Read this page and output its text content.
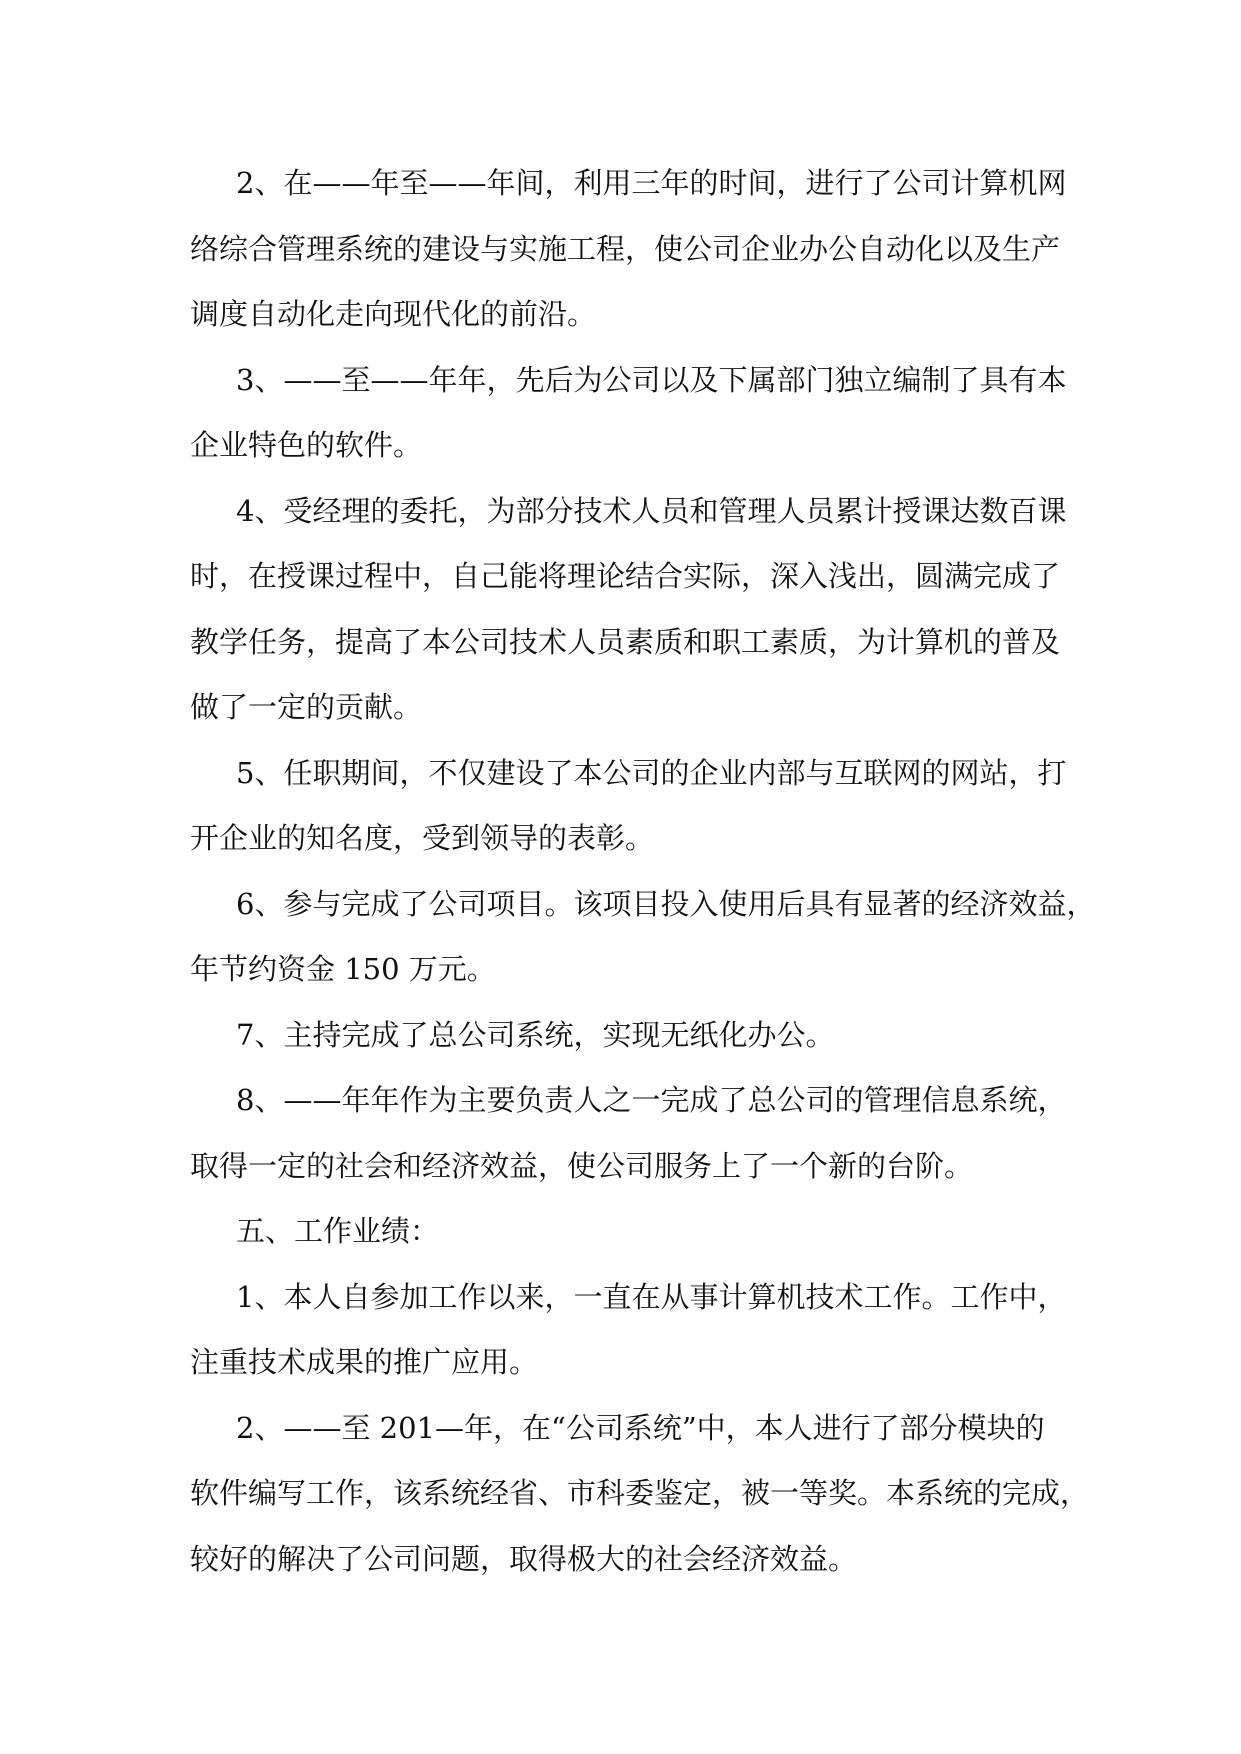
2、在——年至——年间，利用三年的时间，进行了公司计算机网
络综合管理系统的建设与实施工程，使公司企业办公自动化以及生产
调度自动化走向现代化的前沿。
3、——至——年年，先后为公司以及下属部门独立编制了具有本
企业特色的软件。
4、受经理的委托，为部分技术人员和管理人员累计授课达数百课
时，在授课过程中，自己能将理论结合实际，深入浅出，圆满完成了
教学任务，提高了本公司技术人员素质和职工素质，为计算机的普及
做了一定的贡献。
5、任职期间，不仅建设了本公司的企业内部与互联网的网站，打
开企业的知名度，受到领导的表彰。
6、参与完成了公司项目。该项目投入使用后具有显著的经济效益，
年节约资金 150 万元。
7、主持完成了总公司系统，实现无纸化办公。
8、——年年作为主要负责人之一完成了总公司的管理信息系统，
取得一定的社会和经济效益，使公司服务上了一个新的台阶。
五、工作业绩：
1、本人自参加工作以来，一直在从事计算机技术工作。工作中，
注重技术成果的推广应用。
2、——至 201—年，在“公司系统”中，本人进行了部分模块的
软件编写工作，该系统经省、市科委鉴定，被一等奖。本系统的完成，
较好的解决了公司问题，取得极大的社会经济效益。
